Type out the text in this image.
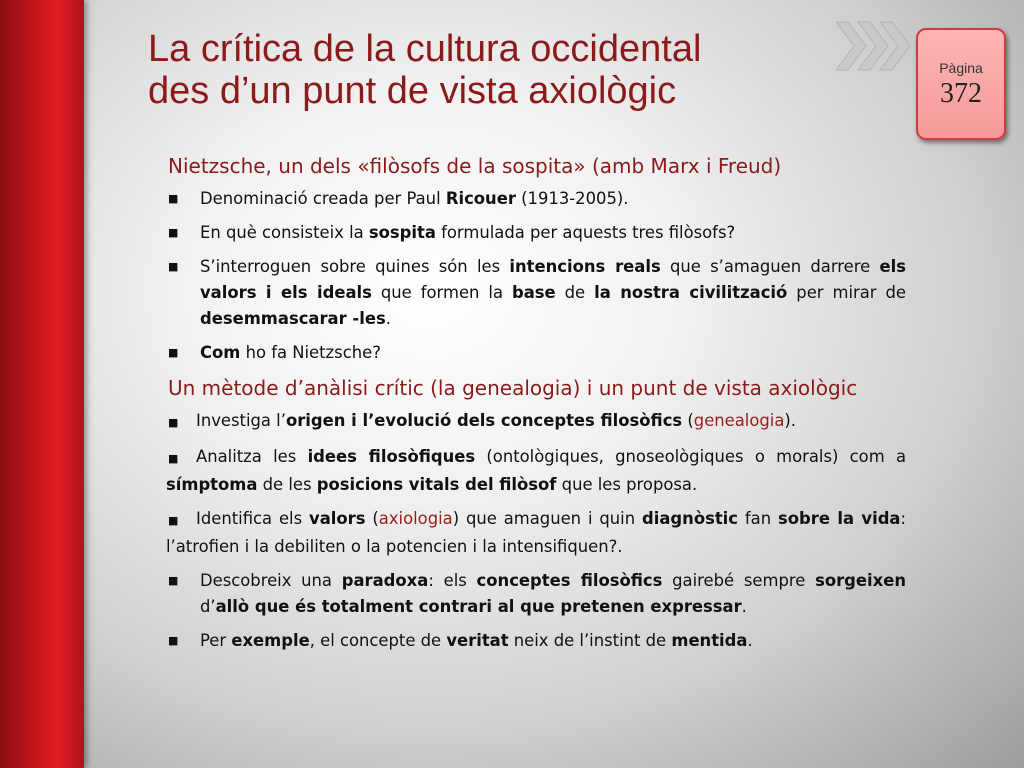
Pàgina
372
La crítica de la cultura occidental
des d’un punt de vista axiològic
Nietzsche, un dels «filòsofs de la sospita» (amb Marx i Freud)
■ Denominació creada per Paul Ricouer (1913-2005).
■ En què consisteix la sospita formulada per aquests tres filòsofs?
■ S’interroguen sobre quines són les intencions reals que s’amaguen darrere els valors i els ideals que formen la base de la nostra civilització per mirar de desemmascarar -les.
■ Com ho fa Nietzsche?
Un mètode d’anàlisi crític (la genealogia) i un punt de vista axiològic
■ Investiga l’origen i l’evolució dels conceptes filosòfics (genealogia).
■ Analitza les idees filosòfiques (ontològiques, gnoseològiques o morals) com a símptoma de les posicions vitals del filòsof que les proposa.
■ Identifica els valors (axiologia) que amaguen i quin diagnòstic fan sobre la vida: l’atrofien i la debiliten o la potencien i la intensifiquen?.
■ Descobreix una paradoxa: els conceptes filosòfics gairebé sempre sorgeixen d’allò que és totalment contrari al que pretenen expressar.
■ Per exemple, el concepte de veritat neix de l’instint de mentida.
